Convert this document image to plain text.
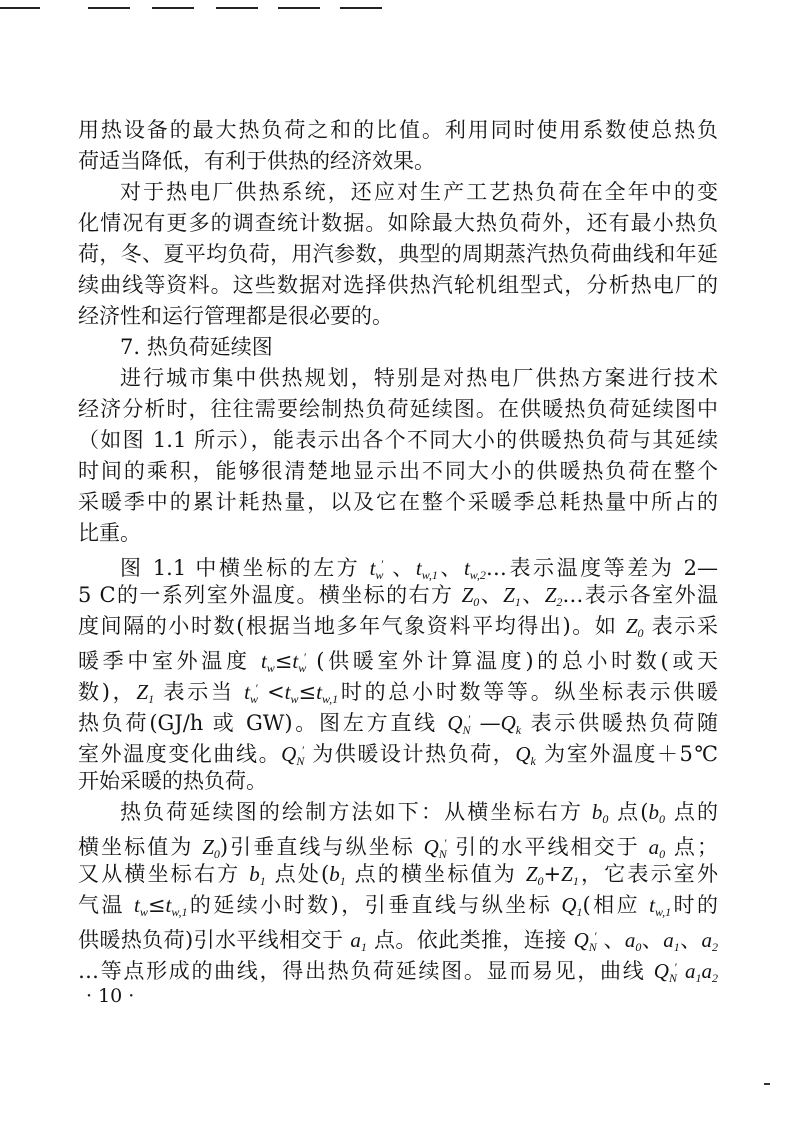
用热设备的最大热负荷之和的比值。利用同时使用系数使总热负
荷适当降低，有利于供热的经济效果。
对于热电厂供热系统，还应对生产工艺热负荷在全年中的变
化情况有更多的调查统计数据。如除最大热负荷外，还有最小热负
荷，冬、夏平均负荷，用汽参数，典型的周期蒸汽热负荷曲线和年延
续曲线等资料。这些数据对选择供热汽轮机组型式，分析热电厂的
经济性和运行管理都是很必要的。
7. 热负荷延续图
进行城市集中供热规划，特别是对热电厂供热方案进行技术
经济分析时，往往需要绘制热负荷延续图。在供暖热负荷延续图中
（如图 1.1 所示），能表示出各个不同大小的供暖热负荷与其延续
时间的乘积，能够很清楚地显示出不同大小的供暖热负荷在整个
采暖季中的累计耗热量，以及它在整个采暖季总耗热量中所占的
比重。
图 1.1 中横坐标的左方 $t_w'$ 、$t_{w,1}$、$t_{w,2}\dots$表示温度等差为 2—
5 C的一系列室外温度。横坐标的右方 $Z_0$、$Z_1$、$Z_2\dots$表示各室外温
度间隔的小时数(根据当地多年气象资料平均得出)。如 $Z_0$ 表示采
暖季中室外温度 $t_w\le t_w'$ (供暖室外计算温度)的总小时数(或天
数)，$Z_1$ 表示当 $t_w' <t_w\le t_{w,1}$时的总小时数等等。纵坐标表示供暖
热负荷(GJ/h 或 GW)。图左方直线 $Q_N'$ $—Q_k$ 表示供暖热负荷随
室外温度变化曲线。$Q_N'$ 为供暖设计热负荷，$Q_k$ 为室外温度＋5℃
开始采暖的热负荷。
热负荷延续图的绘制方法如下：从横坐标右方 $b_0$ 点($b_0$ 点的
横坐标值为 $Z_0$)引垂直线与纵坐标 $Q_N'$ 引的水平线相交于 $a_0$ 点；
又从横坐标右方 $b_1$ 点处($b_1$ 点的横坐标值为 $Z_0+Z_1$，它表示室外
气温 $t_w\le t_{w,1}$的延续小时数)，引垂直线与纵坐标 $Q_1$(相应 $t_{w,1}$时的
供暖热负荷)引水平线相交于 $a_1$ 点。依此类推，连接 $Q_N'$ 、$a_0$、$a_1$、$a_2$
…等点形成的曲线，得出热负荷延续图。显而易见，曲线 $Q_N'$ $a_1a_2$
· 10 ·
